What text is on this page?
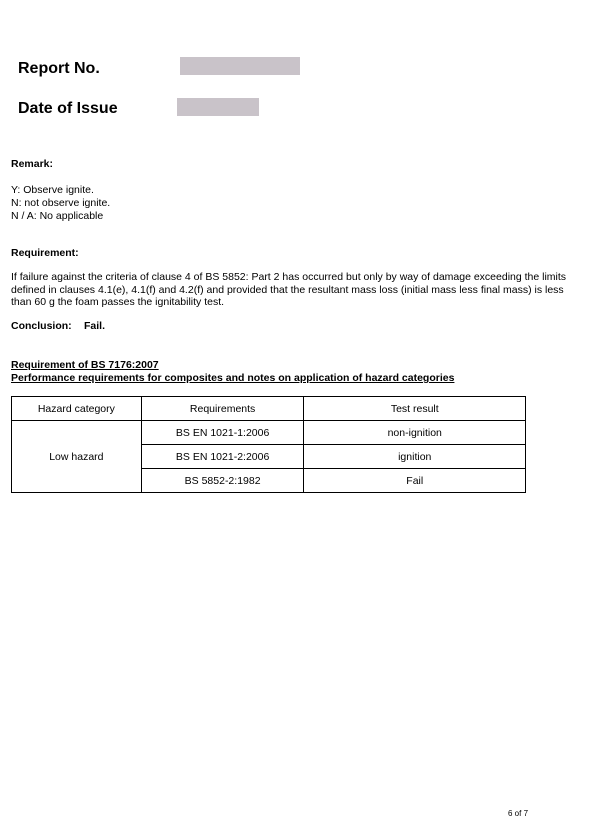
Report No.
Date of Issue
Remark:
Y: Observe ignite.
N: not observe ignite.
N / A: No applicable
Requirement:
If failure against the criteria of clause 4 of BS 5852: Part 2 has occurred but only by way of damage exceeding the limits
defined in clauses 4.1(e), 4.1(f) and 4.2(f) and provided that the resultant mass loss (initial mass less final mass) is less
than 60 g the foam passes the ignitability test.
Conclusion: Fail.
Requirement of BS 7176:2007
Performance requirements for composites and notes on application of hazard categories
Hazard category	Requirements	Test result
Low hazard	BS EN 1021-1:2006	non-ignition
	BS EN 1021-2:2006	ignition
	BS 5852-2:1982	Fail
6 of 7
